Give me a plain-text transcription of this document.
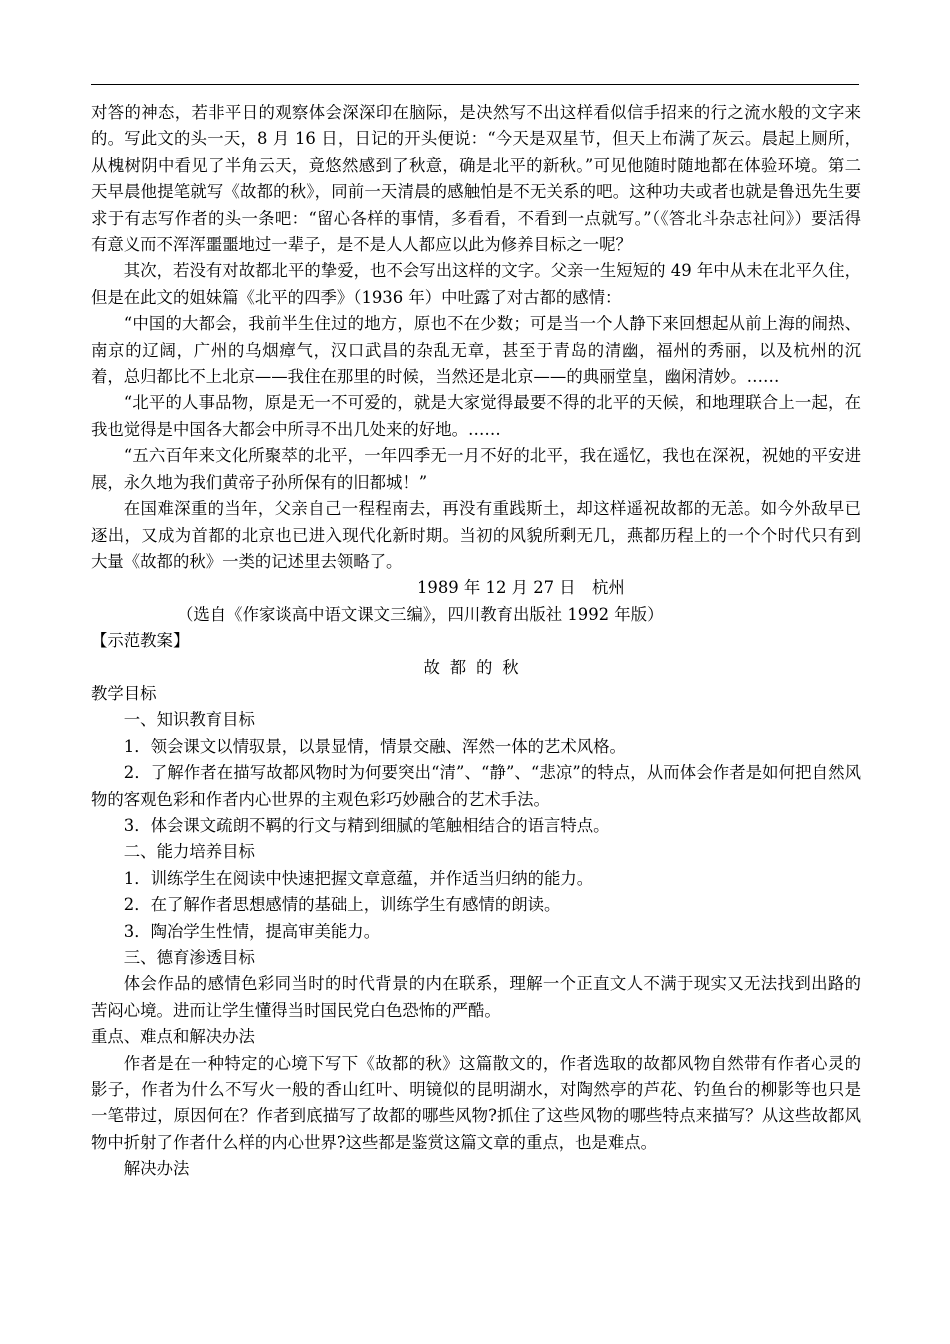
对答的神态，若非平日的观察体会深深印在脑际，是决然写不出这样看似信手招来的行之流水般的文字来的。写此文的头一天，8 月 16 日，日记的开头便说：“今天是双星节，但天上布满了灰云。晨起上厕所，从槐树阴中看见了半角云天，竟悠然感到了秋意，确是北平的新秋。”可见他随时随地都在体验环境。第二天早晨他提笔就写《故都的秋》，同前一天清晨的感触怕是不无关系的吧。这种功夫或者也就是鲁迅先生要求于有志写作者的头一条吧：“留心各样的事情，多看看，不看到一点就写。”（《答北斗杂志社问》）要活得有意义而不浑浑噩噩地过一辈子，是不是人人都应以此为修养目标之一呢？

其次，若没有对故都北平的挚爱，也不会写出这样的文字。父亲一生短短的 49 年中从未在北平久住，但是在此文的姐妹篇《北平的四季》（1936 年）中吐露了对古都的感情：

“中国的大都会，我前半生住过的地方，原也不在少数；可是当一个人静下来回想起从前上海的闹热、南京的辽阔，广州的乌烟瘴气，汉口武昌的杂乱无章，甚至于青岛的清幽，福州的秀丽，以及杭州的沉着，总归都比不上北京——我住在那里的时候，当然还是北京——的典丽堂皇，幽闲清妙。……

“北平的人事品物，原是无一不可爱的，就是大家觉得最要不得的北平的天候，和地理联合上一起，在我也觉得是中国各大都会中所寻不出几处来的好地。……

“五六百年来文化所聚萃的北平，一年四季无一月不好的北平，我在遥忆，我也在深祝，祝她的平安进展，永久地为我们黄帝子孙所保有的旧都城！”

在国难深重的当年，父亲自己一程程南去，再没有重践斯土，却这样遥祝故都的无恙。如今外敌早已逐出，又成为首都的北京也已进入现代化新时期。当初的风貌所剩无几，燕都历程上的一个个时代只有到大量《故都的秋》一类的记述里去领略了。

1989 年 12 月 27 日　杭州

（选自《作家谈高中语文课文三编》，四川教育出版社 1992 年版）

【示范教案】

故都的秋

教学目标

一、知识教育目标

1．领会课文以情驭景，以景显情，情景交融、浑然一体的艺术风格。

2．了解作者在描写故都风物时为何要突出“清”、“静”、“悲凉”的特点，从而体会作者是如何把自然风物的客观色彩和作者内心世界的主观色彩巧妙融合的艺术手法。

3．体会课文疏朗不羁的行文与精到细腻的笔触相结合的语言特点。

二、能力培养目标

1．训练学生在阅读中快速把握文章意蕴，并作适当归纳的能力。

2．在了解作者思想感情的基础上，训练学生有感情的朗读。

3．陶冶学生性情，提高审美能力。

三、德育渗透目标

体会作品的感情色彩同当时的时代背景的内在联系，理解一个正直文人不满于现实又无法找到出路的苦闷心境。进而让学生懂得当时国民党白色恐怖的严酷。

重点、难点和解决办法

作者是在一种特定的心境下写下《故都的秋》这篇散文的，作者选取的故都风物自然带有作者心灵的影子，作者为什么不写火一般的香山红叶、明镜似的昆明湖水，对陶然亭的芦花、钓鱼台的柳影等也只是一笔带过，原因何在？作者到底描写了故都的哪些风物?抓住了这些风物的哪些特点来描写？从这些故都风物中折射了作者什么样的内心世界?这些都是鉴赏这篇文章的重点，也是难点。

解决办法
